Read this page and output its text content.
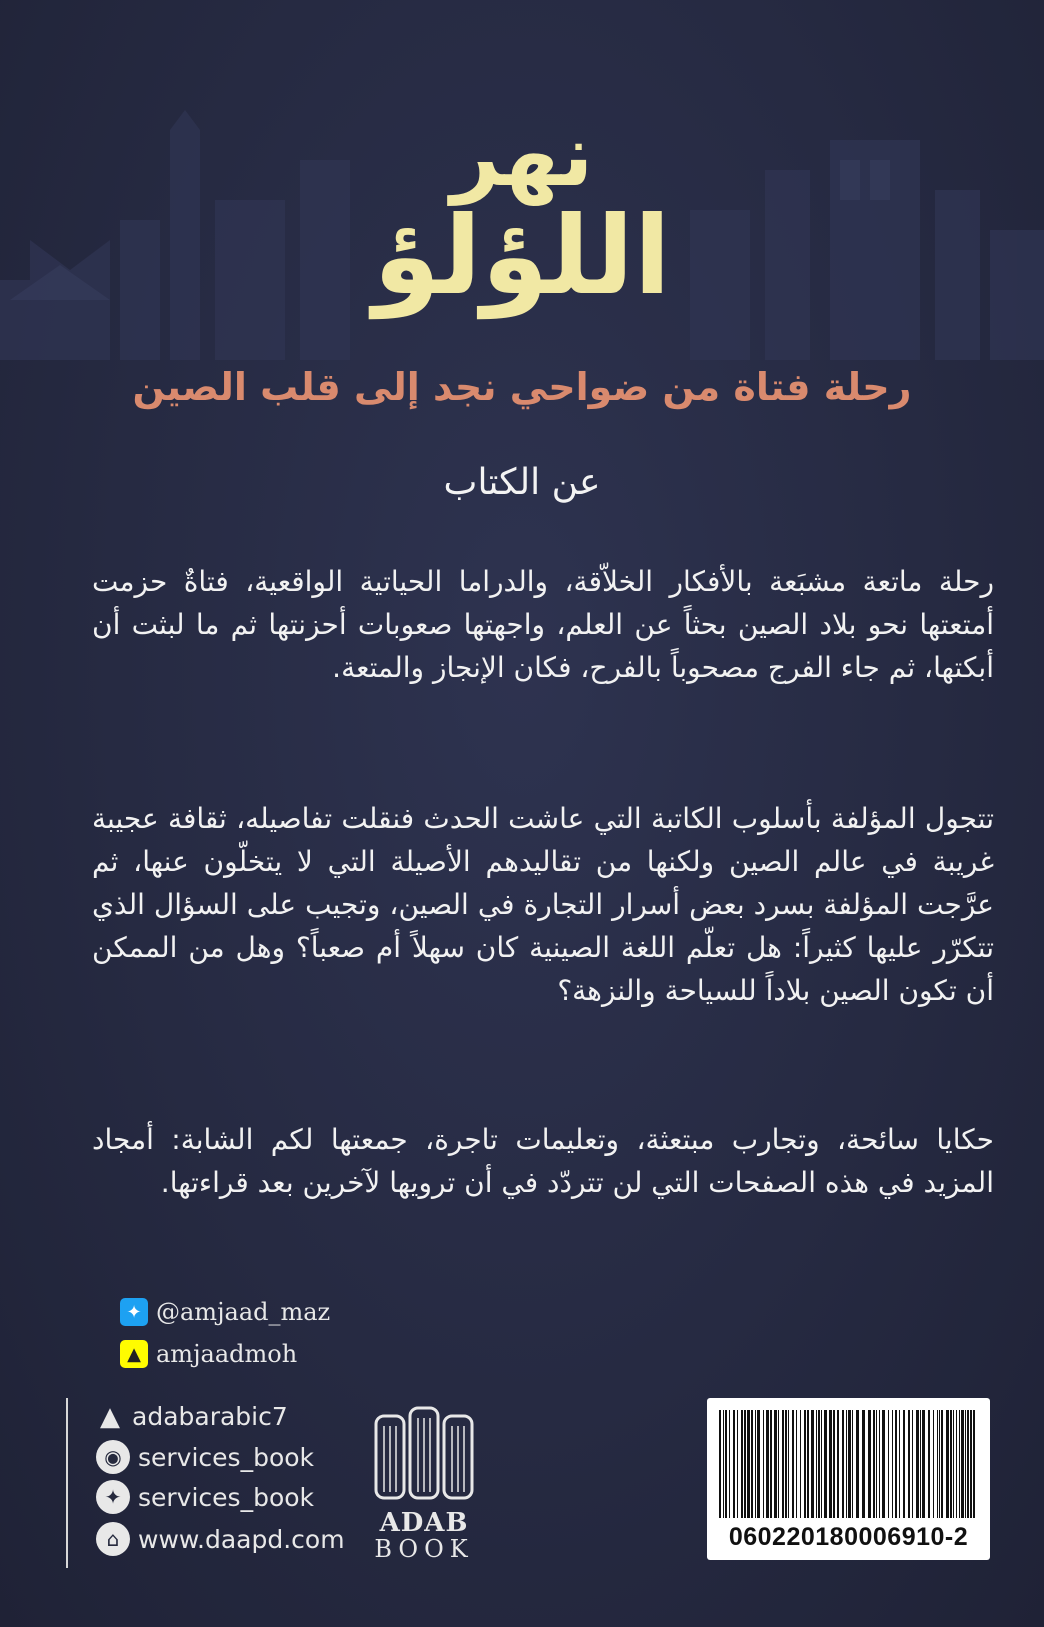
نهر
اللؤلؤ
رحلة فتاة من ضواحي نجد إلى قلب الصين
عن الكتاب

رحلة ماتعة مشبَعة بالأفكار الخلاّقة، والدراما الحياتية الواقعية، فتاةٌ حزمت أمتعتها نحو بلاد الصين بحثاً عن العلم، واجهتها صعوبات أحزنتها ثم ما لبثت أن أبكتها، ثم جاء الفرج مصحوباً بالفرح، فكان الإنجاز والمتعة.

تتجول المؤلفة بأسلوب الكاتبة التي عاشت الحدث فنقلت تفاصيله، ثقافة عجيبة غريبة في عالم الصين ولكنها من تقاليدهم الأصيلة التي لا يتخلّون عنها، ثم عرَّجت المؤلفة بسرد بعض أسرار التجارة في الصين، وتجيب على السؤال الذي تتكرّر عليها كثيراً: هل تعلّم اللغة الصينية كان سهلاً أم صعباً؟ وهل من الممكن أن تكون الصين بلاداً للسياحة والنزهة؟

حكايا سائحة، وتجارب مبتعثة، وتعليمات تاجرة، جمعتها لكم الشابة: أمجاد المزيد في هذه الصفحات التي لن تتردّد في أن ترويها لآخرين بعد قراءتها.

✦ @amjaad_maz
▲ amjaadmoh
▲ adabarabic7
◉ services_book
✦ services_book
⌂ www.daapd.com
ADAB
BOOK	060220180006910-2
